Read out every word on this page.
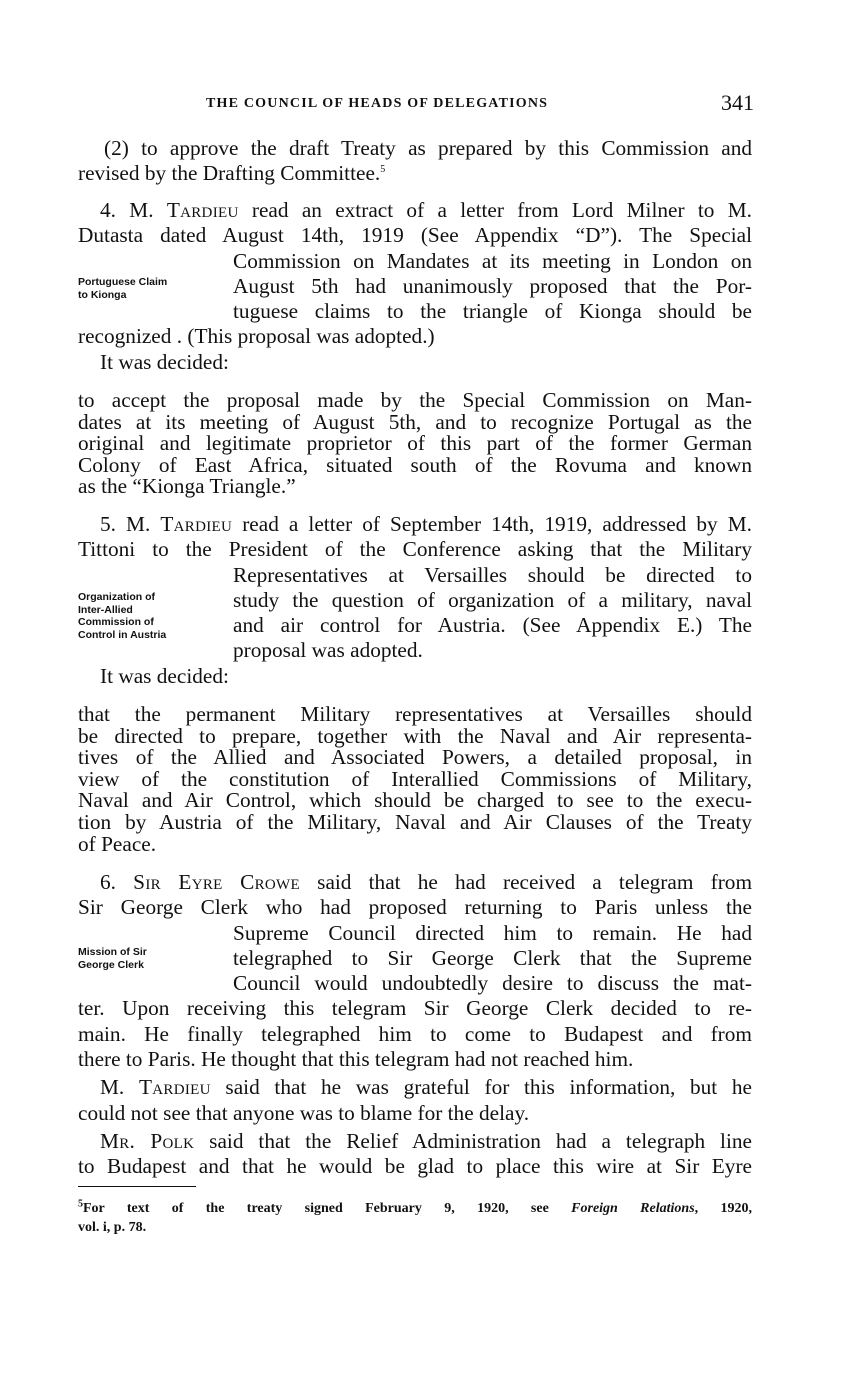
THE COUNCIL OF HEADS OF DELEGATIONS	341
(2) to approve the draft Treaty as prepared by this Commission and
revised by the Drafting Committee.$^5$
4. M. Tardieu read an extract of a letter from Lord Milner to M.
Dutasta dated August 14th, 1919 (See Appendix “D”). The Special
Commission on Mandates at its meeting in London on
August 5th had unanimously proposed that the Por-
tuguese claims to the triangle of Kionga should be
recognized . (This proposal was adopted.)
It was decided:
Portuguese Claim
to Kionga
to accept the proposal made by the Special Commission on Man-
dates at its meeting of August 5th, and to recognize Portugal as the
original and legitimate proprietor of this part of the former German
Colony of East Africa, situated south of the Rovuma and known
as the “Kionga Triangle.”
5. M. Tardieu read a letter of September 14th, 1919, addressed by M.
Tittoni to the President of the Conference asking that the Military
Representatives at Versailles should be directed to
study the question of organization of a military, naval
and air control for Austria. (See Appendix E.) The
proposal was adopted.
It was decided:
Organization of
Inter-Allied
Commission of
Control in Austria
that the permanent Military representatives at Versailles should
be directed to prepare, together with the Naval and Air representa-
tives of the Allied and Associated Powers, a detailed proposal, in
view of the constitution of Interallied Commissions of Military,
Naval and Air Control, which should be charged to see to the execu-
tion by Austria of the Military, Naval and Air Clauses of the Treaty
of Peace.
6. Sir Eyre Crowe said that he had received a telegram from
Sir George Clerk who had proposed returning to Paris unless the
Supreme Council directed him to remain. He had
telegraphed to Sir George Clerk that the Supreme
Council would undoubtedly desire to discuss the mat-
ter. Upon receiving this telegram Sir George Clerk decided to re-
main. He finally telegraphed him to come to Budapest and from
there to Paris. He thought that this telegram had not reached him.
M. Tardieu said that he was grateful for this information, but he
could not see that anyone was to blame for the delay.
Mr. Polk said that the Relief Administration had a telegraph line
to Budapest and that he would be glad to place this wire at Sir Eyre
Mission of Sir
George Clerk
$^5$For text of the treaty signed February 9, 1920, see Foreign Relations, 1920,
vol. i, p. 78.
